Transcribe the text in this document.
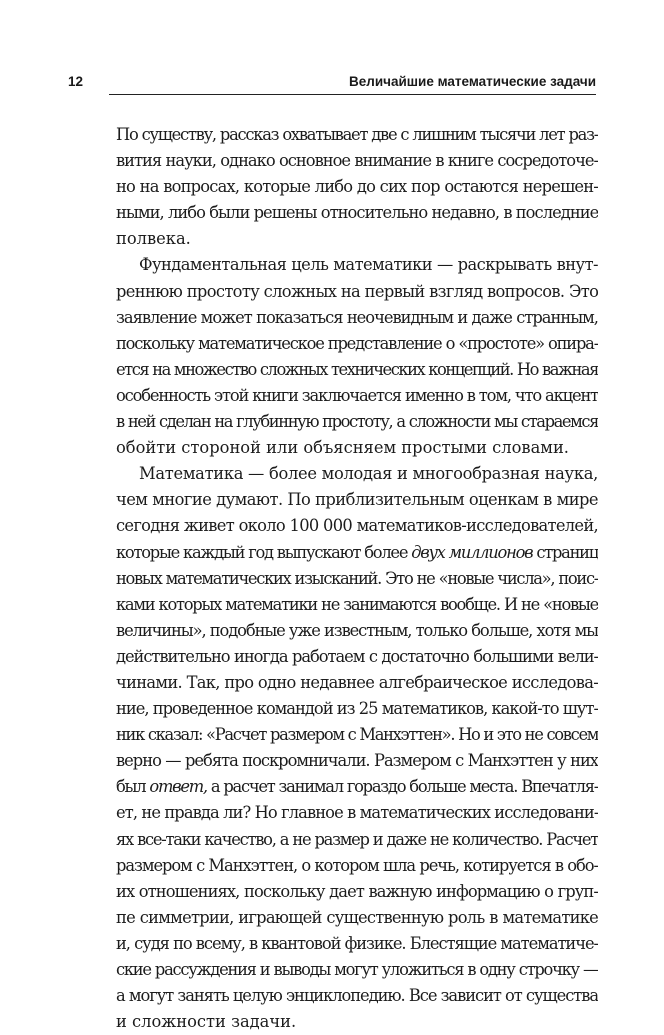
12	Величайшие математические задачи
По существу, рассказ охватывает две с лишним тысячи лет раз-
вития науки, однако основное внимание в книге сосредоточе-
но на вопросах, которые либо до сих пор остаются нерешен-
ными, либо были решены относительно недавно, в последние
полвека.
Фундаментальная цель математики — раскрывать внут-
реннюю простоту сложных на первый взгляд вопросов. Это
заявление может показаться неочевидным и даже странным,
поскольку математическое представление о «простоте» опира-
ется на множество сложных технических концепций. Но важная
особенность этой книги заключается именно в том, что акцент
в ней сделан на глубинную простоту, а сложности мы стараемся
обойти стороной или объясняем простыми словами.
Математика — более молодая и многообразная наука,
чем многие думают. По приблизительным оценкам в мире
сегодня живет около 100 000 математиков-исследователей,
которые каждый год выпускают более двух миллионов страниц
новых математических изысканий. Это не «новые числа», поис-
ками которых математики не занимаются вообще. И не «новые
величины», подобные уже известным, только больше, хотя мы
действительно иногда работаем с достаточно большими вели-
чинами. Так, про одно недавнее алгебраическое исследова-
ние, проведенное командой из 25 математиков, какой-то шут-
ник сказал: «Расчет размером с Манхэттен». Но и это не совсем
верно — ребята поскромничали. Размером с Манхэттен у них
был ответ, а расчет занимал гораздо больше места. Впечатля-
ет, не правда ли? Но главное в математических исследовани-
ях все-таки качество, а не размер и даже не количество. Расчет
размером с Манхэттен, о котором шла речь, котируется в обо-
их отношениях, поскольку дает важную информацию о груп-
пе симметрии, играющей существенную роль в математике
и, судя по всему, в квантовой физике. Блестящие математиче-
ские рассуждения и выводы могут уложиться в одну строчку —
а могут занять целую энциклопедию. Все зависит от существа
и сложности задачи.
